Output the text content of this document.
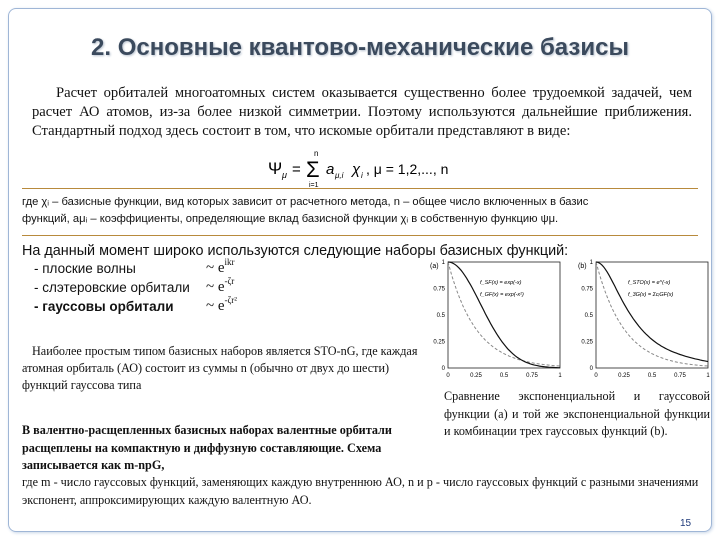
2. Основные квантово-механические базисы
Расчет орбиталей многоатомных систем оказывается существенно более трудоемкой задачей, чем расчет АО атомов, из-за более низкой симметрии. Поэтому используются дальнейшие приближения. Стандартный подход здесь состоит в том, что искомые орбитали представляют в виде:
Ψ μ =
n
Σ
i=1
a μ,i χ i , μ = 1,2,..., n
где χᵢ – базисные функции, вид которых зависит от расчетного метода, n – общее число включенных в базис
функций, aμᵢ – коэффициенты, определяющие вклад базисной функции χᵢ в собственную функцию ψμ.
На данный момент широко используются следующие наборы базисных функций:
- плоские волны	~ $e^{ikr}$
- слэтеровские орбитали ~ $e^{-\zeta r}$
- гауссовы орбитали ~ $e^{-\zeta r^2}$
(a)
0
0.25
0.5
0.75
1
0	0.25	0.5	0.75	1
f_SF(x) = exp(-x)
f_GF(x) = exp(-x²)
(b)
0
0.25
0.5
0.75
1
0	0.25	0.5	0.75	1
f_STO(x) = e^(-x)
f_3G(x) = ΣcᵢGF(x)
Наиболее простым типом базисных наборов является STO-nG, где каждая атомная орбиталь (АО) состоит из суммы n (обычно от двух до шести) функций гауссова типа
Сравнение экспоненциальной и гауссовой функции (a) и той же экспоненциальной функции и комбинации трех гауссовых функций (b).
В валентно-расщепленных базисных наборах валентные орбитали расщеплены на компактную и диффузную составляющие. Схема записывается как m-npG,
где m - число гауссовых функций, заменяющих каждую внутреннюю АО, n и p - число гауссовых функций с разными значениями экспонент, аппроксимирующих каждую валентную АО.
15
